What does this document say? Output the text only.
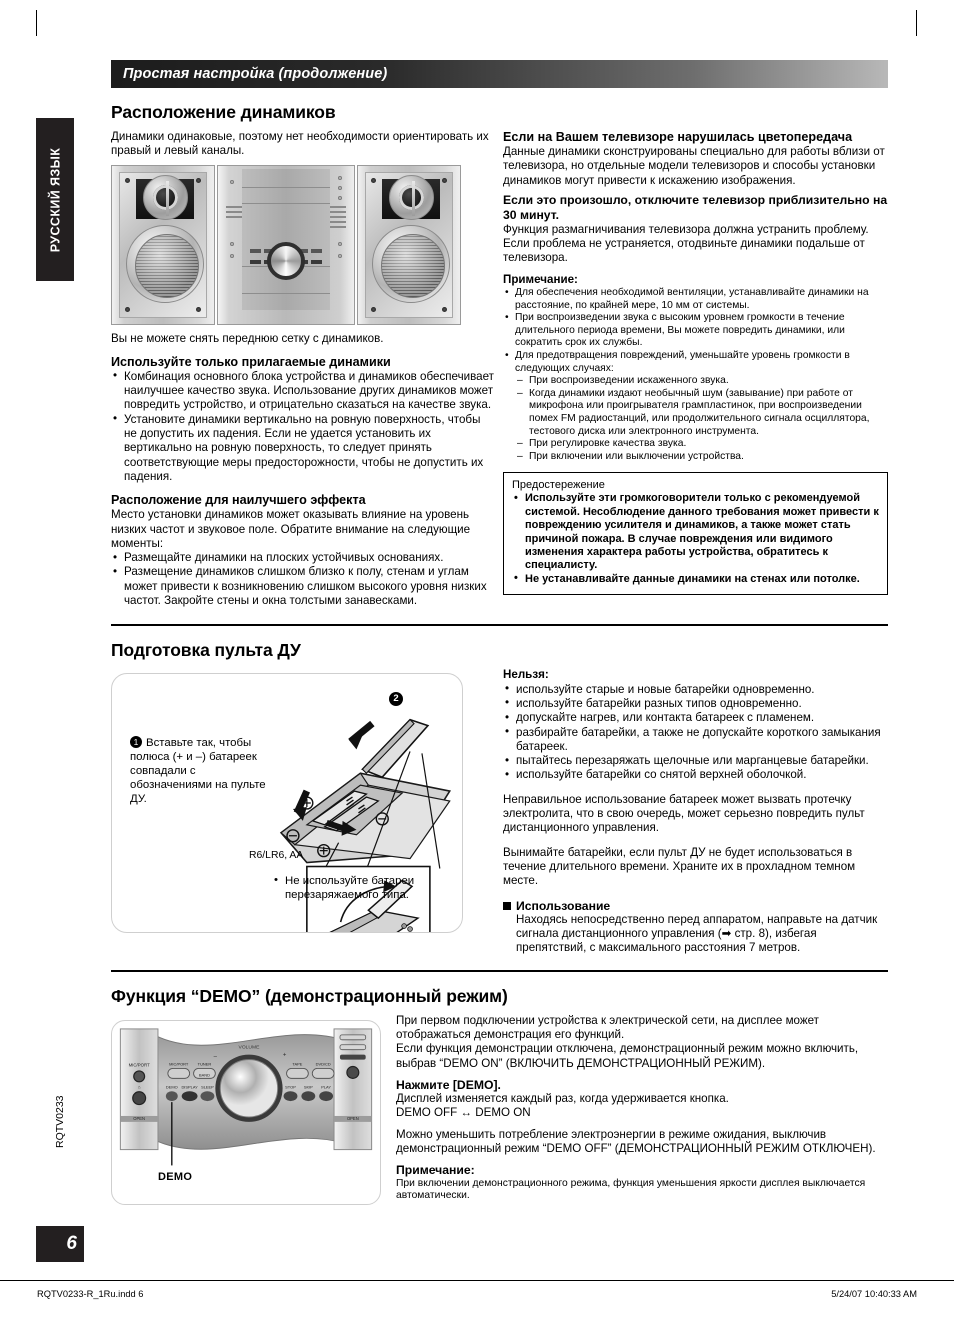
РУССКИЙ ЯЗЫК
RQTV0233
6
Простая настройка (продолжение)
Расположение динамиков

Динамики одинаковые, поэтому нет необходимости ориентировать их правый и левый каналы.

Вы не можете снять переднюю сетку с динамиков.

Используйте только прилагаемые динамики
• Комбинация основного блока устройства и динамиков обеспечивает наилучшее качество звука. Использование других динамиков может повредить устройство, и отрицательно сказаться на качестве звука.
• Установите динамики вертикально на ровную поверхность, чтобы не допустить их падения. Если не удается установить их вертикально на ровную поверхность, то следует принять соответствующие меры предосторожности, чтобы не допустить их падения.
Расположение для наилучшего эффекта

Место установки динамиков может оказывать влияние на уровень низких частот и звуковое поле. Обратите внимание на следующие моменты:

• Размещайте динамики на плоских устойчивых основаниях.
• Размещение динамиков слишком близко к полу, стенам и углам может привести к возникновению слишком высокого уровня низких частот. Закройте стены и окна толстыми занавесками.
Если на Вашем телевизоре нарушилась цветопередача

Данные динамики сконструированы специально для работы вблизи от телевизора, но отдельные модели телевизоров и способы установки динамиков могут привести к искажению изображения.

Если это произошло, отключите телевизор приблизительно на 30 минут.

Функция размагничивания телевизора должна устранить проблему. Если проблема не устраняется, отодвиньте динамики подальше от телевизора.

Примечание:

• Для обеспечения необходимой вентиляции, устанавливайте динамики на расстояние, по крайней мере, 10 мм от системы.
• При воспроизведении звука с высоким уровнем громкости в течение длительного периода времени, Вы можете повредить динамики, или сократить срок их службы.
• Для предотвращения повреждений, уменьшайте уровень громкости в следующих случаях:
– При воспроизведении искаженного звука.
– Когда динамики издают необычный шум (завывание) при работе от микрофона или проигрывателя грампластинок, при воспроизведении помех FM радиостанций, или продолжительного сигнала осциллятора, тестового диска или электронного инструмента.
– При регулировке качества звука.
– При включении или выключении устройства.
Предостережение
• Используйте эти громкоговорители только с рекомендуемой системой. Несоблюдение данного требования может привести к повреждению усилителя и динамиков, а также может стать причиной пожара. В случае повреждения или видимого изменения характера работы устройства, обратитесь к специалисту.
• Не устанавливайте данные динамики на стенах или потолке.
Подготовка пульта ДУ
2
1 Вставьте так, чтобы полюса (+ и –) батареек совпадали с обозначениями на пульте ДУ.
R6/LR6, AA
• Не используйте батареи перезаряжаемого типа.

Нельзя:

• используйте старые и новые батарейки одновременно.
• используйте батарейки разных типов одновременно.
• допускайте нагрев, или контакта батареек с пламенем.
• разбирайте батарейки, а также не допускайте короткого замыкания батареек.
• пытайтесь перезаряжать щелочные или марганцевые батарейки.
• используйте батарейки со снятой верхней оболочкой.

Неправильное использование батареек может вызвать протечку электролита, что в свою очередь, может серьезно повредить пульт дистанционного управления.

Вынимайте батарейки, если пульт ДУ не будет использоваться в течение длительного времени. Храните их в прохладном темном месте.

Использование

Находясь непосредственно перед аппаратом, направьте на датчик сигнала дистанционного управления (➡ стр. 8), избегая препятствий, с максимального расстояния 7 метров.

Функция “DEMO” (демонстрационный режим)
MIC/PORT
⌂
OPEN	OPEN
VOLUME
–	+
MIC/PORT TUNER
BAND
DEMO DISPLAY SLEEP
TAPE	DVD/CD
STOP SKIP PLAY
DEMO

При первом подключении устройства к электрической сети, на дисплее может отображаться демонстрация его функций.

Если функция демонстрации отключена, демонстрационный режим можно включить, выбрав “DEMO ON” (ВКЛЮЧИТЬ ДЕМОНСТРАЦИОННЫЙ РЕЖИМ).

Нажмите [DEMO].

Дисплей изменяется каждый раз, когда удерживается кнопка.

DEMO OFF ↔ DEMO ON

Можно уменьшить потребление электроэнергии в режиме ожидания, выключив демонстрационный режим “DEMO OFF” (ДЕМОНСТРАЦИОННЫЙ РЕЖИМ ОТКЛЮЧЕН).

Примечание:

При включении демонстрационного режима, функция уменьшения яркости дисплея выключается автоматически.

RQTV0233-R_1Ru.indd 6	5/24/07 10:40:33 AM
